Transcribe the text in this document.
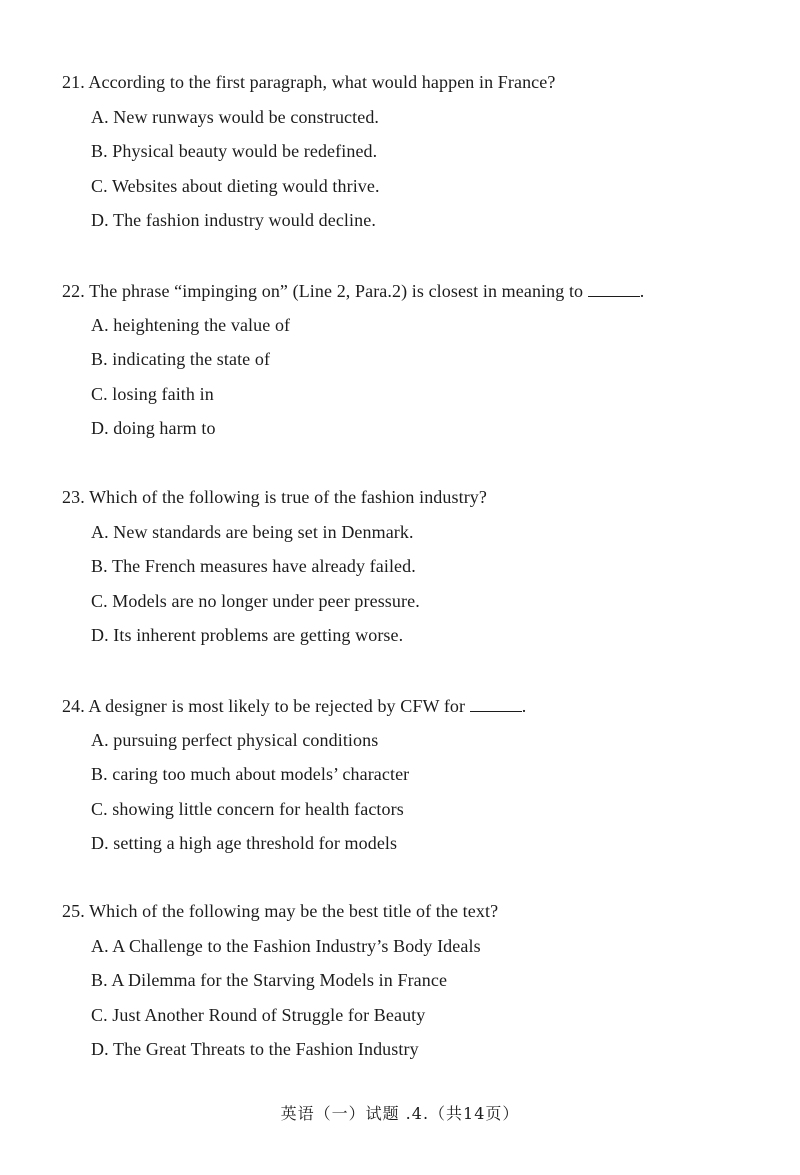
21. According to the first paragraph, what would happen in France?
A. New runways would be constructed.
B. Physical beauty would be redefined.
C. Websites about dieting would thrive.
D. The fashion industry would decline.
22. The phrase “impinging on” (Line 2, Para.2) is closest in meaning to	.
A. heightening the value of
B. indicating the state of
C. losing faith in
D. doing harm to
23. Which of the following is true of the fashion industry?
A. New standards are being set in Denmark.
B. The French measures have already failed.
C. Models are no longer under peer pressure.
D. Its inherent problems are getting worse.
24. A designer is most likely to be rejected by CFW for	.
A. pursuing perfect physical conditions
B. caring too much about models’ character
C. showing little concern for health factors
D. setting a high age threshold for models
25. Which of the following may be the best title of the text?
A. A Challenge to the Fashion Industry’s Body Ideals
B. A Dilemma for the Starving Models in France
C. Just Another Round of Struggle for Beauty
D. The Great Threats to the Fashion Industry
英语（一）试题 .4.（共14页）
